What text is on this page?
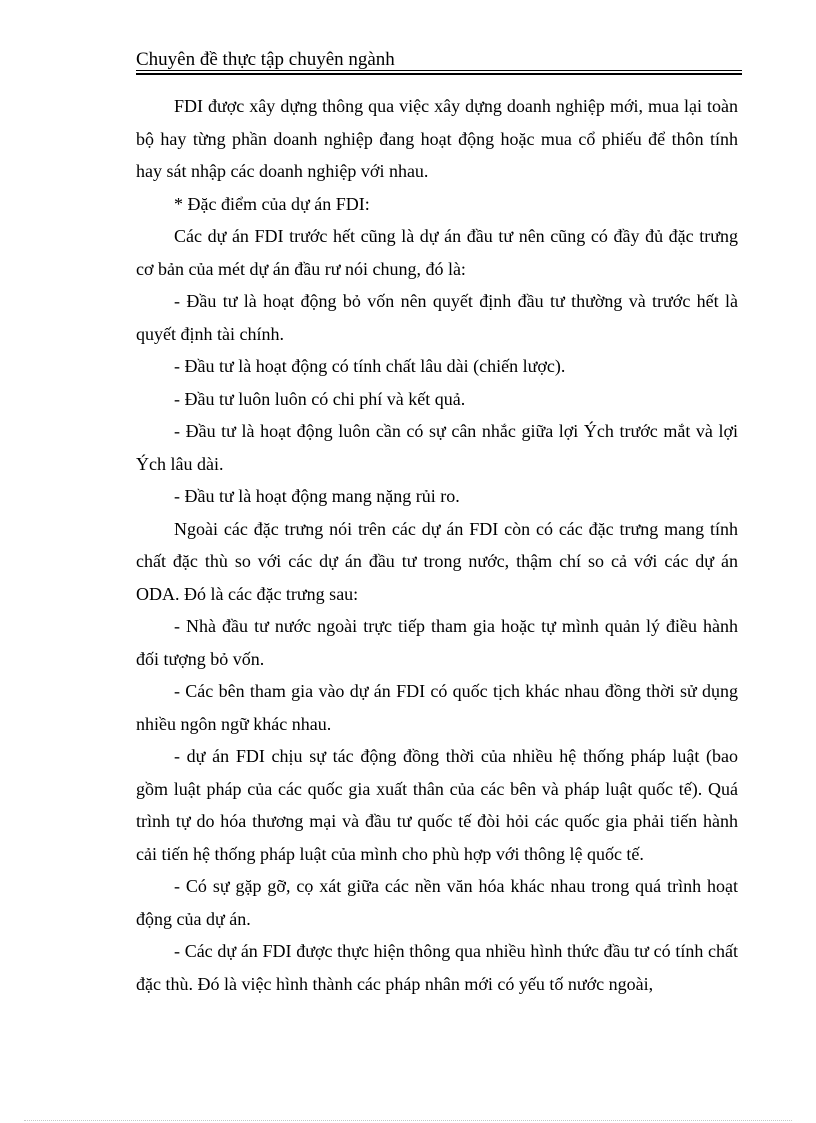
Chuyên đề thực tập chuyên ngành

FDI được xây dựng thông qua việc xây dựng doanh nghiệp mới, mua lại toàn bộ hay từng phần doanh nghiệp đang hoạt động hoặc mua cổ phiếu để thôn tính hay sát nhập các doanh nghiệp với nhau.

* Đặc điểm của dự án FDI:

Các dự án FDI trước hết cũng là dự án đầu tư nên cũng có đầy đủ đặc trưng cơ bản của mét dự án đầu rư nói chung, đó là:

- Đầu tư là hoạt động bỏ vốn nên quyết định đầu tư thường và trước hết là quyết định tài chính.

- Đầu tư là hoạt động có tính chất lâu dài (chiến lược).

- Đầu tư luôn luôn có chi phí và kết quả.

- Đầu tư là hoạt động luôn cần có sự cân nhắc giữa lợi Ých trước mắt và lợi Ých lâu dài.

- Đầu tư là hoạt động mang nặng rủi ro.

Ngoài các đặc trưng nói trên các dự án FDI còn có các đặc trưng mang tính chất đặc thù so với các dự án đầu tư trong nước, thậm chí so cả với các dự án ODA. Đó là các đặc trưng sau:

- Nhà đầu tư nước ngoài trực tiếp tham gia hoặc tự mình quản lý điều hành đối tượng bỏ vốn.

- Các bên tham gia vào dự án FDI có quốc tịch khác nhau đồng thời sử dụng nhiều ngôn ngữ khác nhau.

- dự án FDI chịu sự tác động đồng thời của nhiều hệ thống pháp luật (bao gồm luật pháp của các quốc gia xuất thân của các bên và pháp luật quốc tế). Quá trình tự do hóa thương mại và đầu tư quốc tế đòi hỏi các quốc gia phải tiến hành cải tiến hệ thống pháp luật của mình cho phù hợp với thông lệ quốc tế.

- Có sự gặp gỡ, cọ xát giữa các nền văn hóa khác nhau trong quá trình hoạt động của dự án.

- Các dự án FDI được thực hiện thông qua nhiều hình thức đầu tư có tính chất đặc thù. Đó là việc hình thành các pháp nhân mới có yếu tố nước ngoài,
